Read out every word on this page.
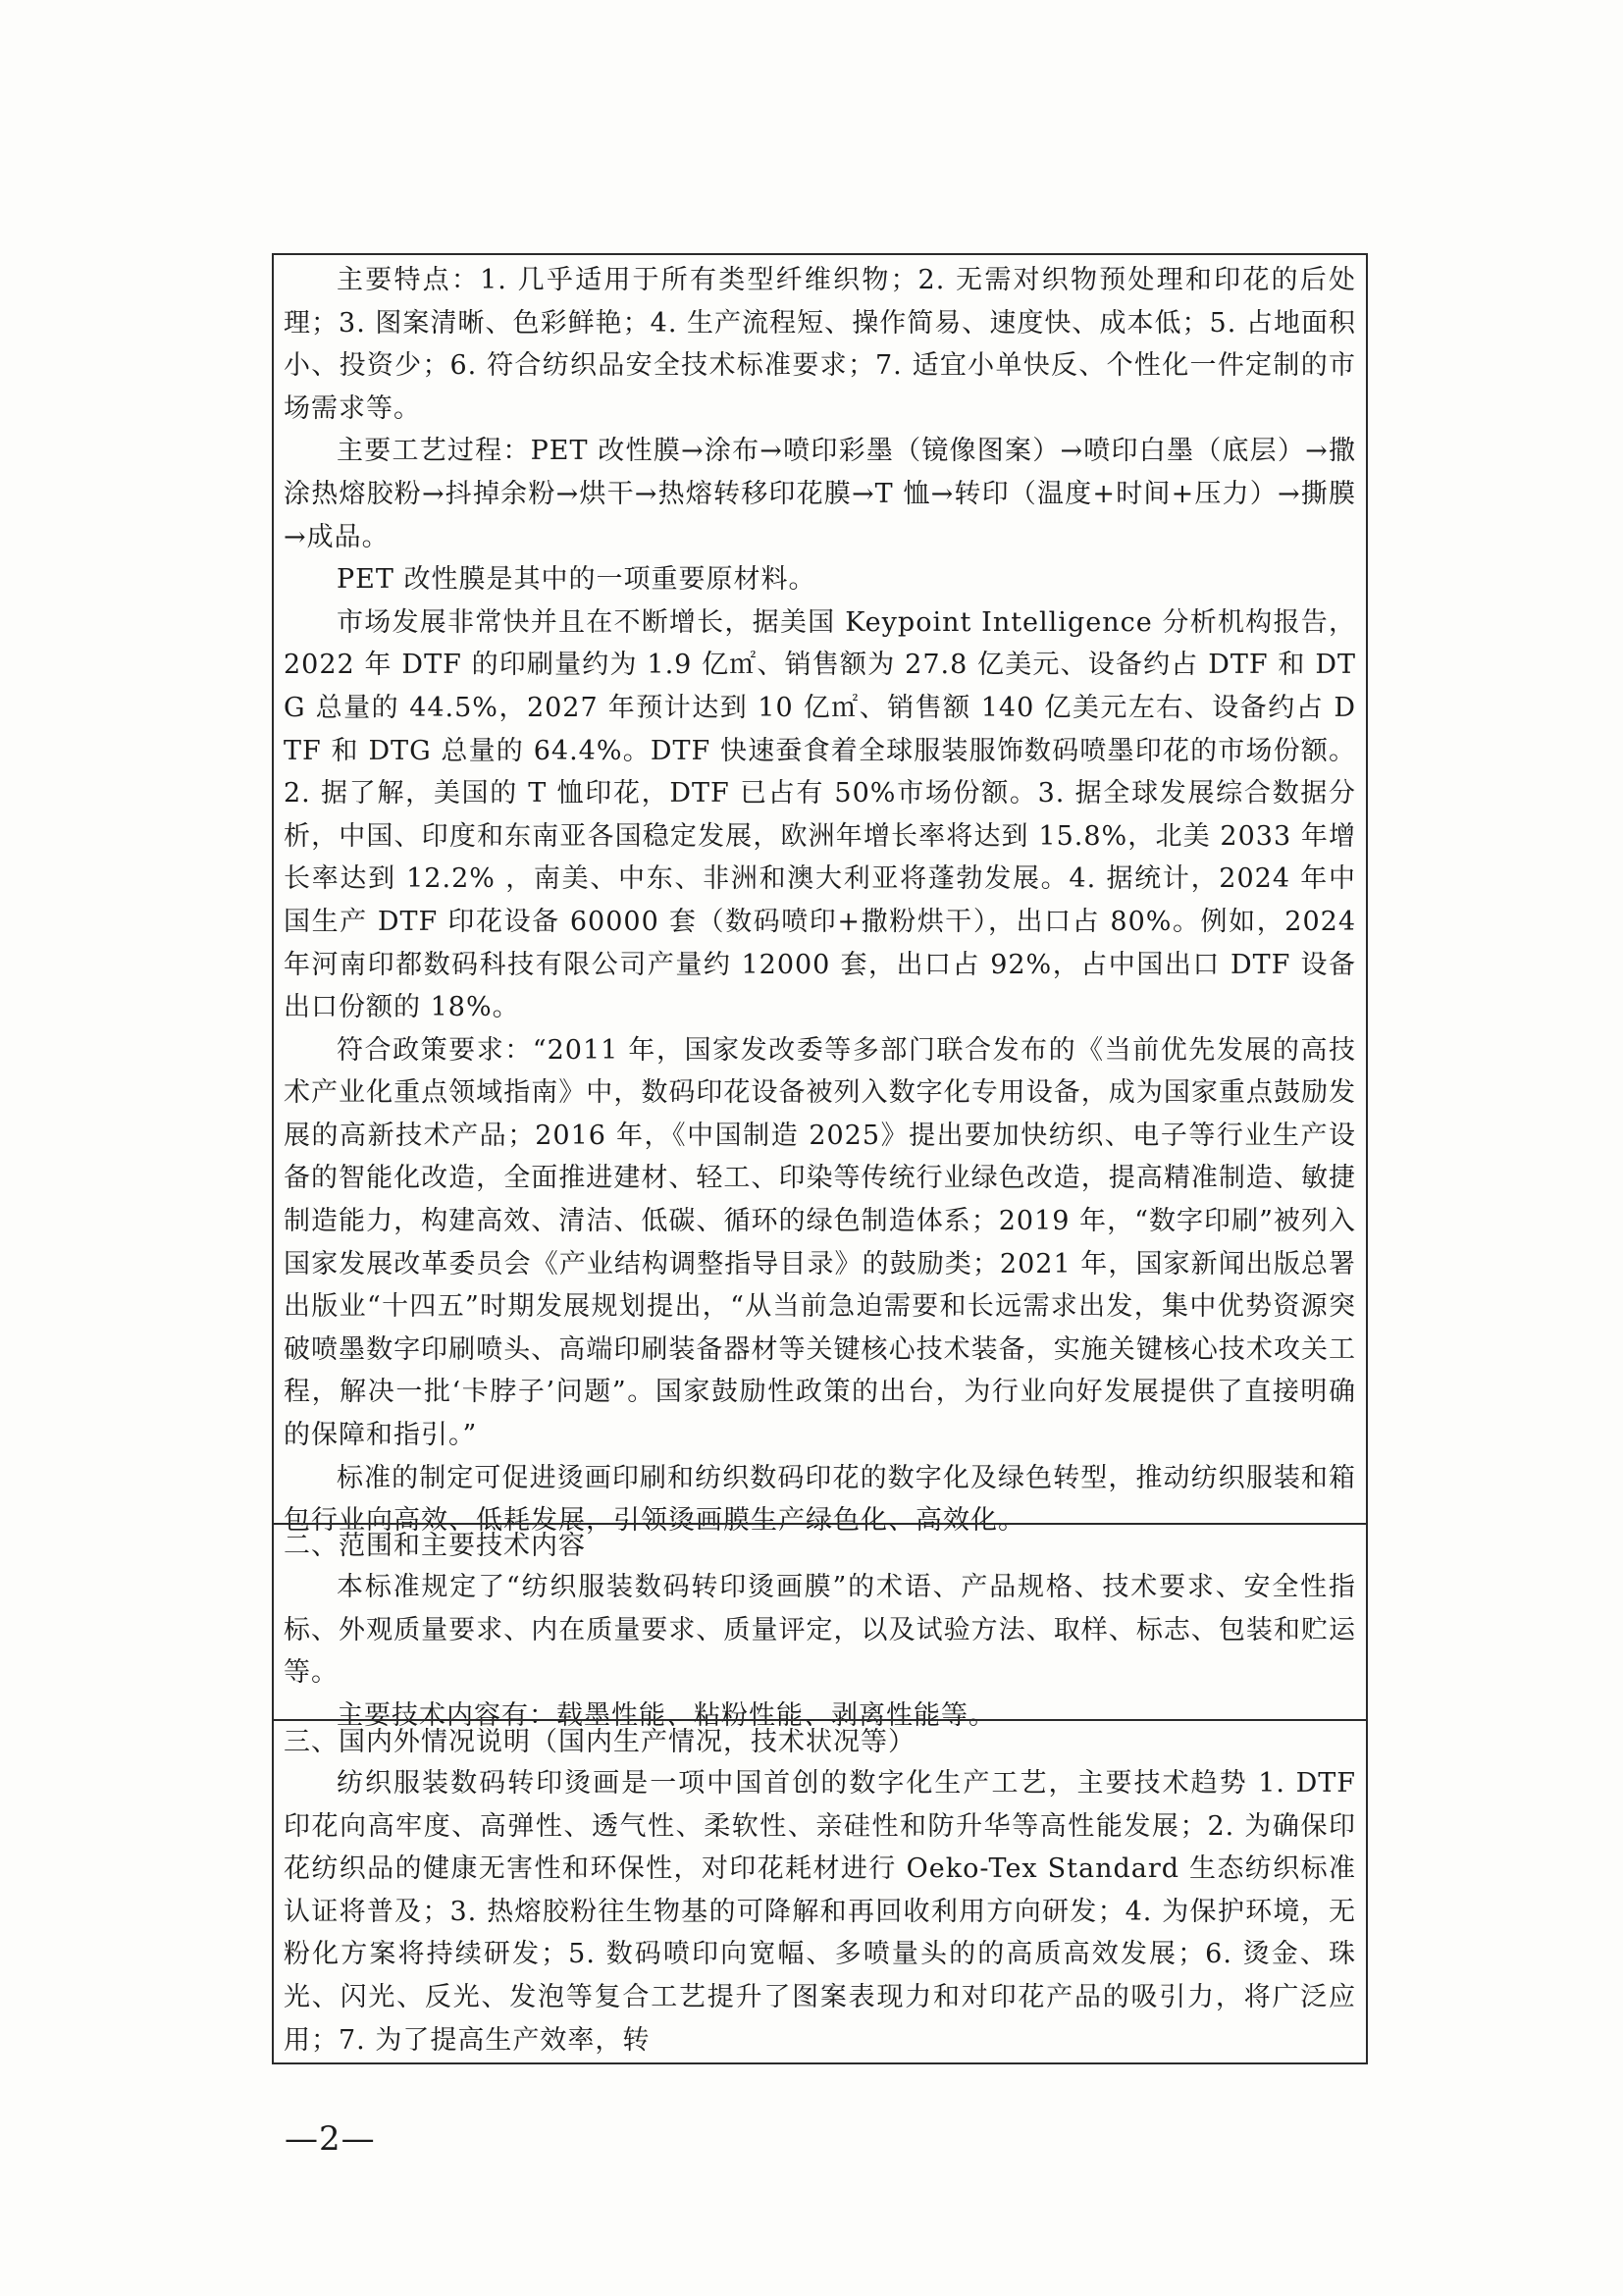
主要特点：1. 几乎适用于所有类型纤维织物；2. 无需对织物预处理和印花的后处理；3. 图案清晰、色彩鲜艳；4. 生产流程短、操作简易、速度快、成本低；5. 占地面积小、投资少；6. 符合纺织品安全技术标准要求；7. 适宜小单快反、个性化一件定制的市场需求等。

主要工艺过程：PET 改性膜→涂布→喷印彩墨（镜像图案）→喷印白墨（底层）→撒涂热熔胶粉→抖掉余粉→烘干→热熔转移印花膜→T 恤→转印（温度+时间+压力）→撕膜→成品。

PET 改性膜是其中的一项重要原材料。

市场发展非常快并且在不断增长，据美国 Keypoint Intelligence 分析机构报告，2022 年 DTF 的印刷量约为 1.9 亿㎡、销售额为 27.8 亿美元、设备约占 DTF 和 DTG 总量的 44.5%，2027 年预计达到 10 亿㎡、销售额 140 亿美元左右、设备约占 DTF 和 DTG 总量的 64.4%。DTF 快速蚕食着全球服装服饰数码喷墨印花的市场份额。2. 据了解，美国的 T 恤印花，DTF 已占有 50%市场份额。3. 据全球发展综合数据分析，中国、印度和东南亚各国稳定发展，欧洲年增长率将达到 15.8%，北美 2033 年增长率达到 12.2% ，南美、中东、非洲和澳大利亚将蓬勃发展。4. 据统计，2024 年中国生产 DTF 印花设备 60000 套（数码喷印+撒粉烘干），出口占 80%。例如，2024 年河南印都数码科技有限公司产量约 12000 套，出口占 92%，占中国出口 DTF 设备出口份额的 18%。

符合政策要求：“2011 年，国家发改委等多部门联合发布的《当前优先发展的高技术产业化重点领域指南》中，数码印花设备被列入数字化专用设备，成为国家重点鼓励发展的高新技术产品；2016 年，《中国制造 2025》提出要加快纺织、电子等行业生产设备的智能化改造，全面推进建材、轻工、印染等传统行业绿色改造，提高精准制造、敏捷制造能力，构建高效、清洁、低碳、循环的绿色制造体系；2019 年，“数字印刷”被列入国家发展改革委员会《产业结构调整指导目录》的鼓励类；2021 年，国家新闻出版总署出版业“十四五”时期发展规划提出，“从当前急迫需要和长远需求出发，集中优势资源突破喷墨数字印刷喷头、高端印刷装备器材等关键核心技术装备，实施关键核心技术攻关工程，解决一批‘卡脖子’问题”。国家鼓励性政策的出台，为行业向好发展提供了直接明确的保障和指引。”

标准的制定可促进烫画印刷和纺织数码印花的数字化及绿色转型，推动纺织服装和箱包行业向高效、低耗发展，引领烫画膜生产绿色化、高效化。

二、范围和主要技术内容

本标准规定了“纺织服装数码转印烫画膜”的术语、产品规格、技术要求、安全性指标、外观质量要求、内在质量要求、质量评定，以及试验方法、取样、标志、包装和贮运等。

主要技术内容有：载墨性能、粘粉性能、剥离性能等。

三、国内外情况说明（国内生产情况，技术状况等）

纺织服装数码转印烫画是一项中国首创的数字化生产工艺，主要技术趋势 1. DTF 印花向高牢度、高弹性、透气性、柔软性、亲硅性和防升华等高性能发展；2. 为确保印花纺织品的健康无害性和环保性，对印花耗材进行 Oeko-Tex Standard 生态纺织标准认证将普及；3. 热熔胶粉往生物基的可降解和再回收利用方向研发；4. 为保护环境，无粉化方案将持续研发；5. 数码喷印向宽幅、多喷量头的的高质高效发展；6. 烫金、珠光、闪光、反光、发泡等复合工艺提升了图案表现力和对印花产品的吸引力，将广泛应用；7. 为了提高生产效率，转

—2—
